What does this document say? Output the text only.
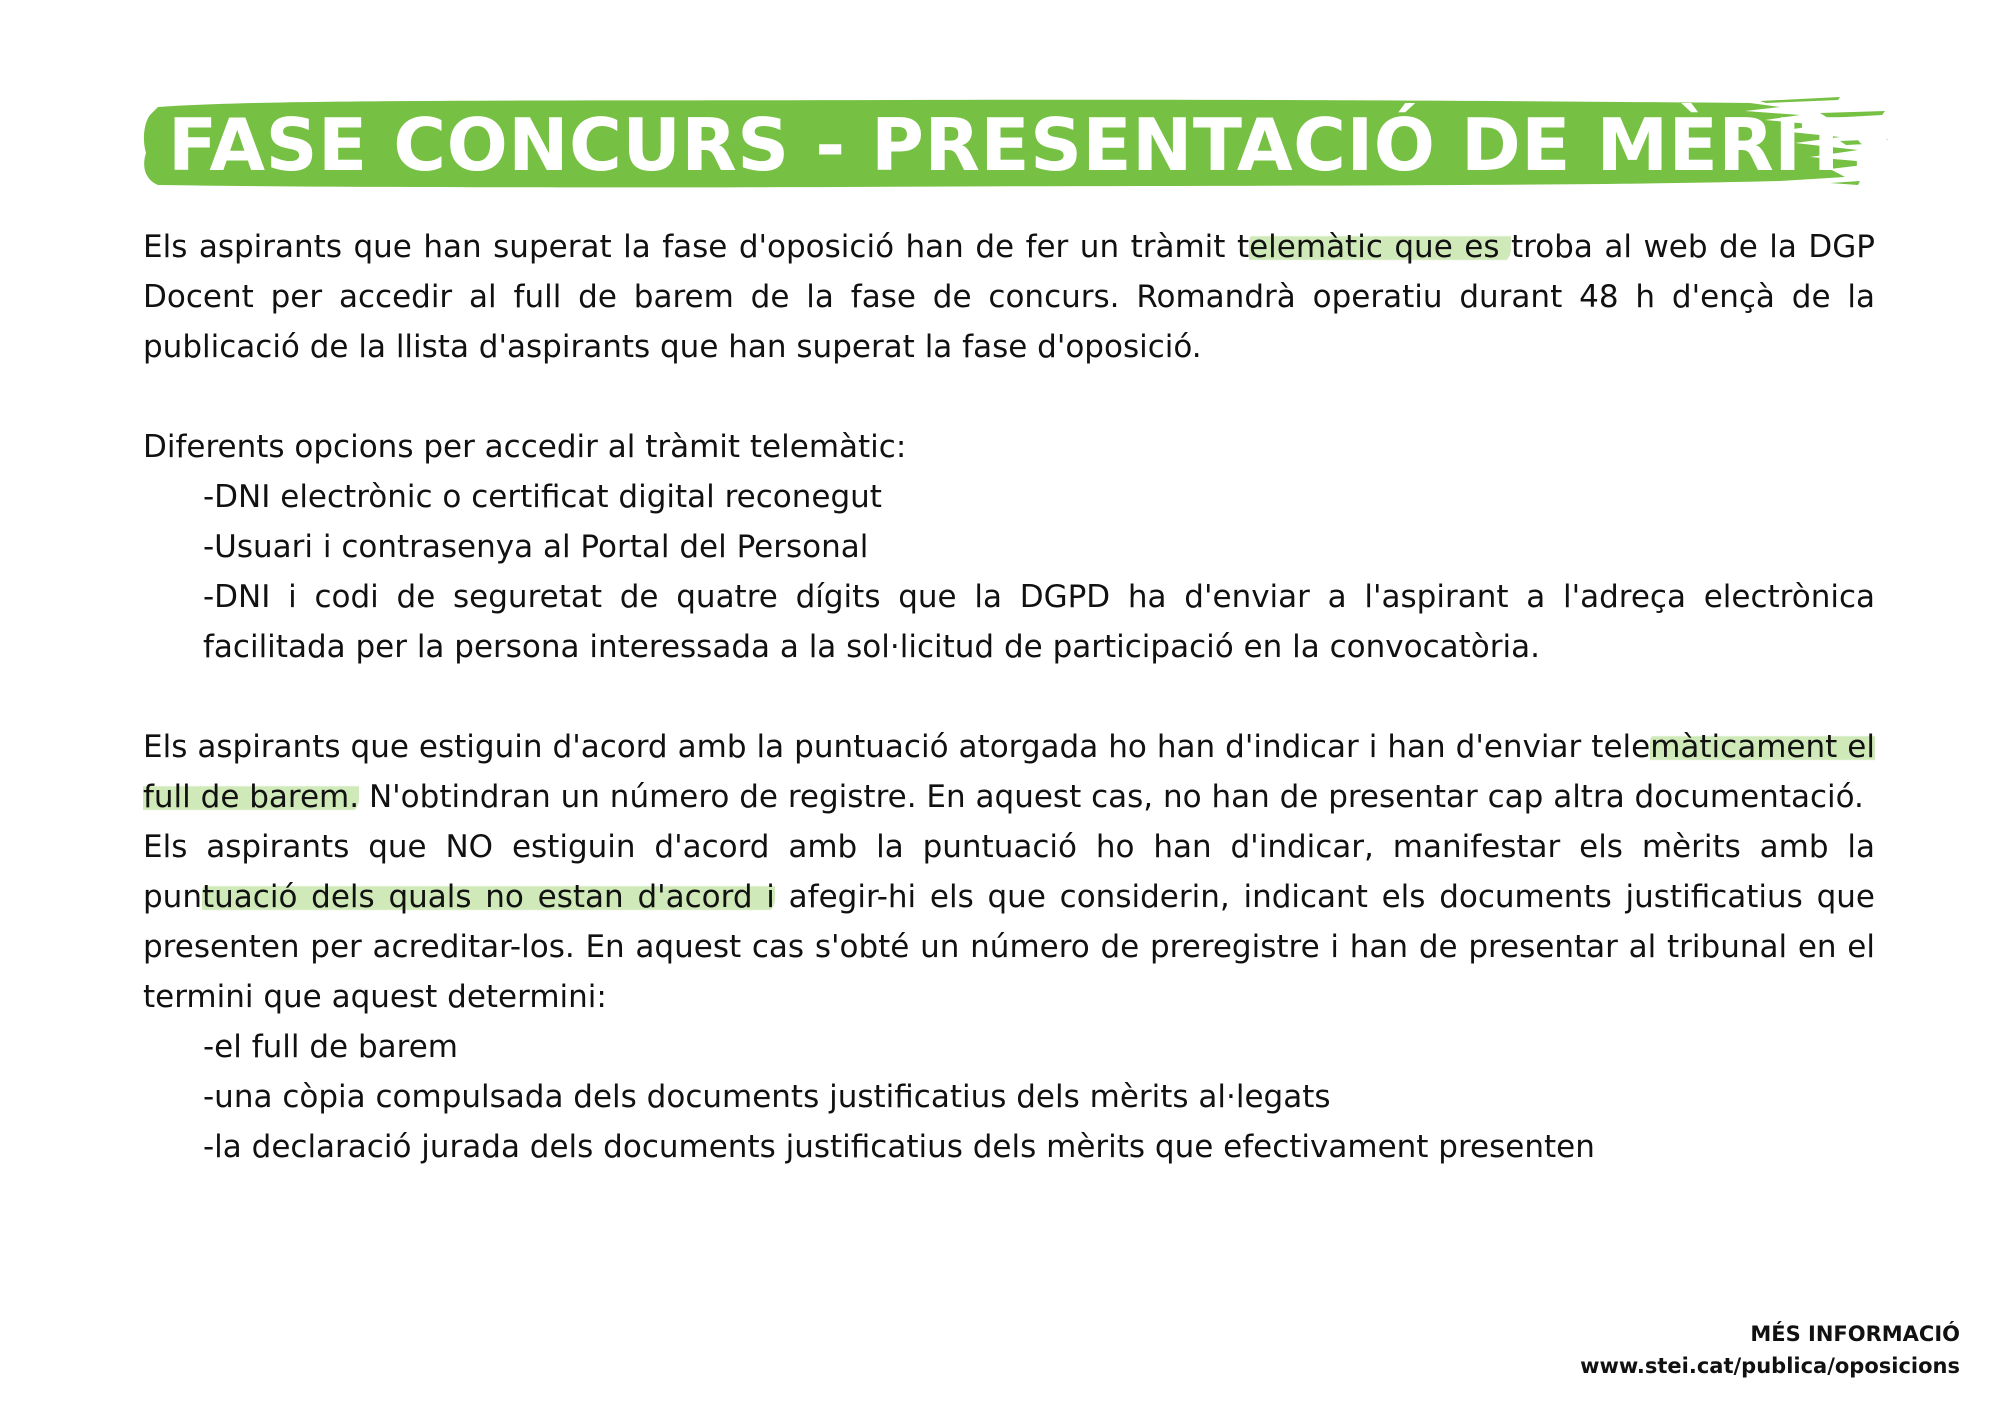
FASE CONCURS - PRESENTACIÓ DE MÈRITS

Els aspirants que han superat la fase d'oposició han de fer un tràmit telemàtic que es troba al web de la DGP Docent per accedir al full de barem de la fase de concurs. Romandrà operatiu durant 48 h d'ençà de la publicació de la llista d'aspirants que han superat la fase d'oposició.

Diferents opcions per accedir al tràmit telemàtic:

-DNI electrònic o certificat digital reconegut

-Usuari i contrasenya al Portal del Personal

-DNI i codi de seguretat de quatre dígits que la DGPD ha d'enviar a l'aspirant a l'adreça electrònica facilitada per la persona interessada a la sol·licitud de participació en la convocatòria.

Els aspirants que estiguin d'acord amb la puntuació atorgada ho han d'indicar i han d'enviar telemàticament el full de barem. N'obtindran un número de registre. En aquest cas, no han de presentar cap altra documentació.

Els aspirants que NO estiguin d'acord amb la puntuació ho han d'indicar, manifestar els mèrits amb la puntuació dels quals no estan d'acord i afegir-hi els que considerin, indicant els documents justificatius que presenten per acreditar-los. En aquest cas s'obté un número de preregistre i han de presentar al tribunal en el termini que aquest determini:

-el full de barem

-una còpia compulsada dels documents justificatius dels mèrits al·legats

-la declaració jurada dels documents justificatius dels mèrits que efectivament presenten

MÉS INFORMACIÓ
www.stei.cat/publica/oposicions
